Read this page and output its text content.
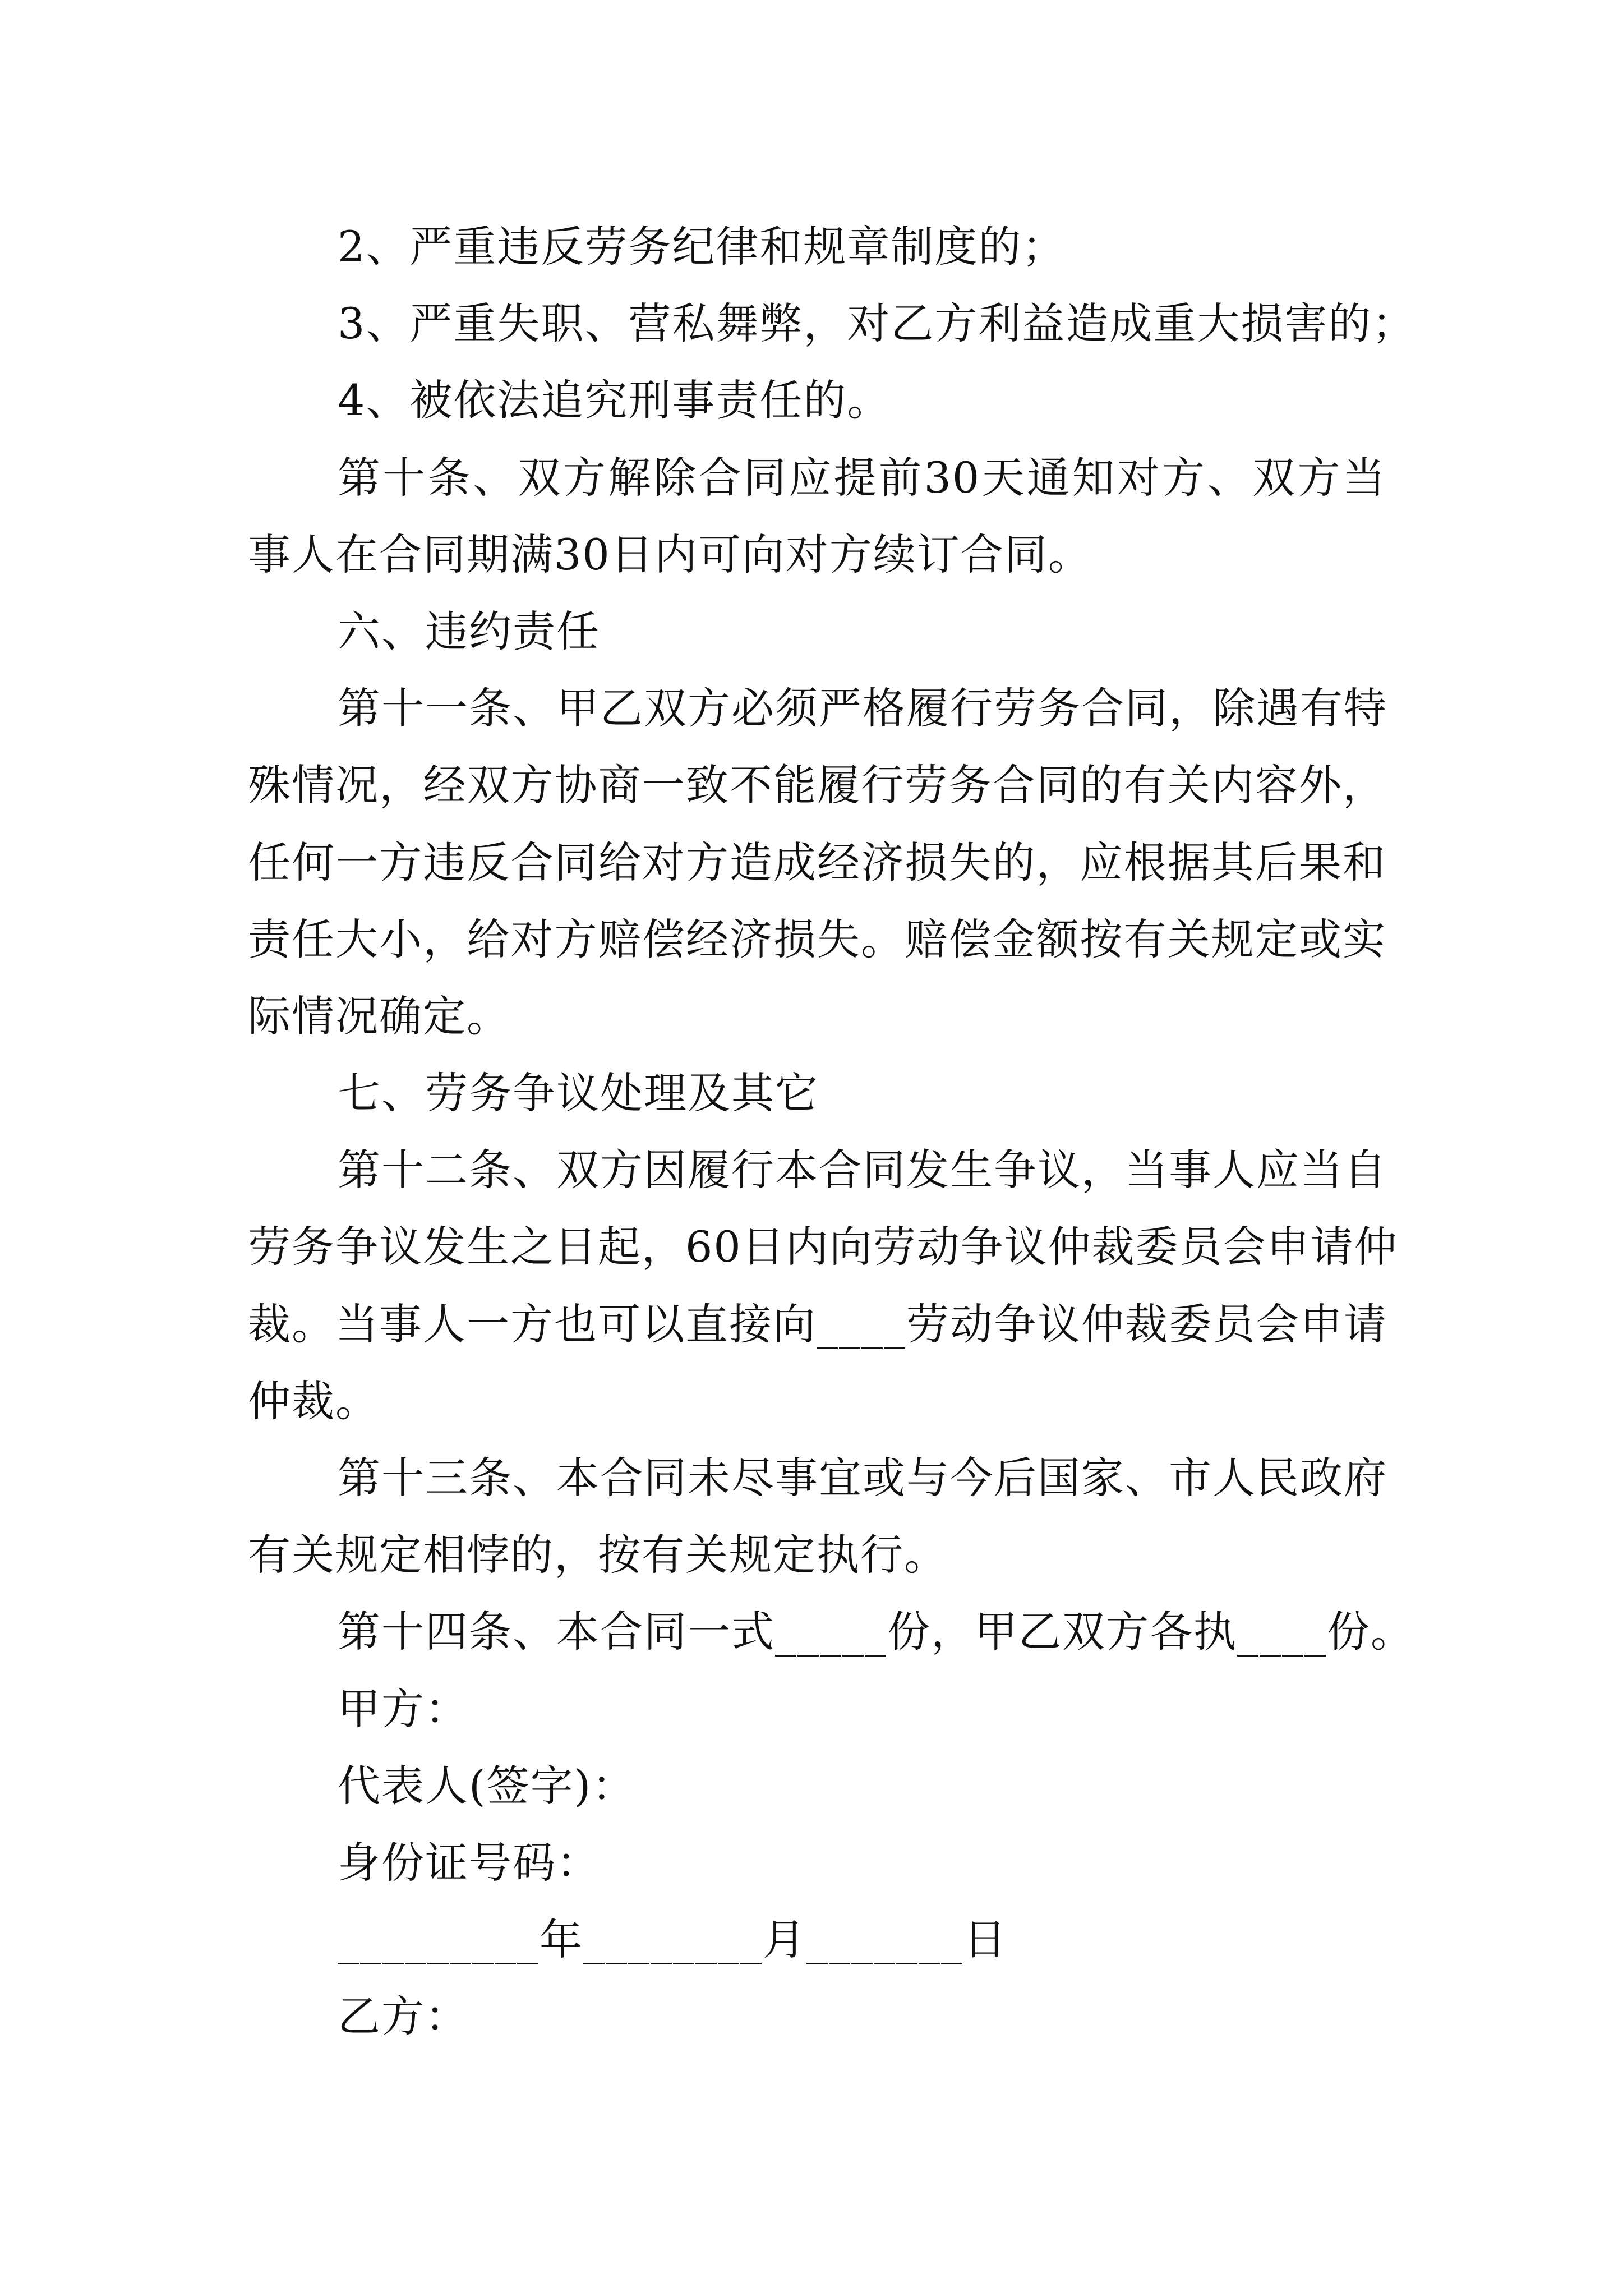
2、严重违反劳务纪律和规章制度的；
3、严重失职、营私舞弊，对乙方利益造成重大损害的；
4、被依法追究刑事责任的。
第十条、双方解除合同应提前30天通知对方、双方当
事人在合同期满30日内可向对方续订合同。
六、违约责任
第十一条、甲乙双方必须严格履行劳务合同，除遇有特
殊情况，经双方协商一致不能履行劳务合同的有关内容外，
任何一方违反合同给对方造成经济损失的，应根据其后果和
责任大小，给对方赔偿经济损失。赔偿金额按有关规定或实
际情况确定。
七、劳务争议处理及其它
第十二条、双方因履行本合同发生争议，当事人应当自
劳务争议发生之日起，60日内向劳动争议仲裁委员会申请仲
裁。当事人一方也可以直接向____劳动争议仲裁委员会申请
仲裁。
第十三条、本合同未尽事宜或与今后国家、市人民政府
有关规定相悖的，按有关规定执行。
第十四条、本合同一式_____份，甲乙双方各执____份。
甲方：
代表人(签字)：
身份证号码：
_________年________月_______日
乙方：
